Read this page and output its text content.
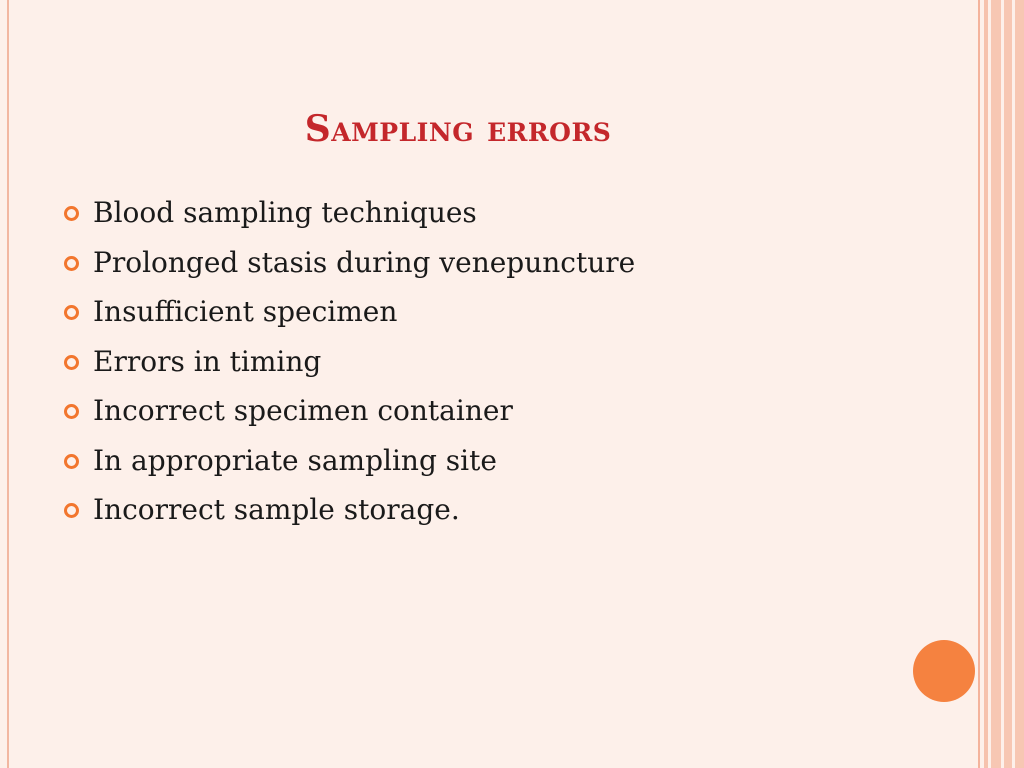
Sampling errors
Blood sampling techniques
Prolonged stasis during venepuncture
Insufficient specimen
Errors in timing
Incorrect specimen container
In appropriate sampling site
Incorrect sample storage.
